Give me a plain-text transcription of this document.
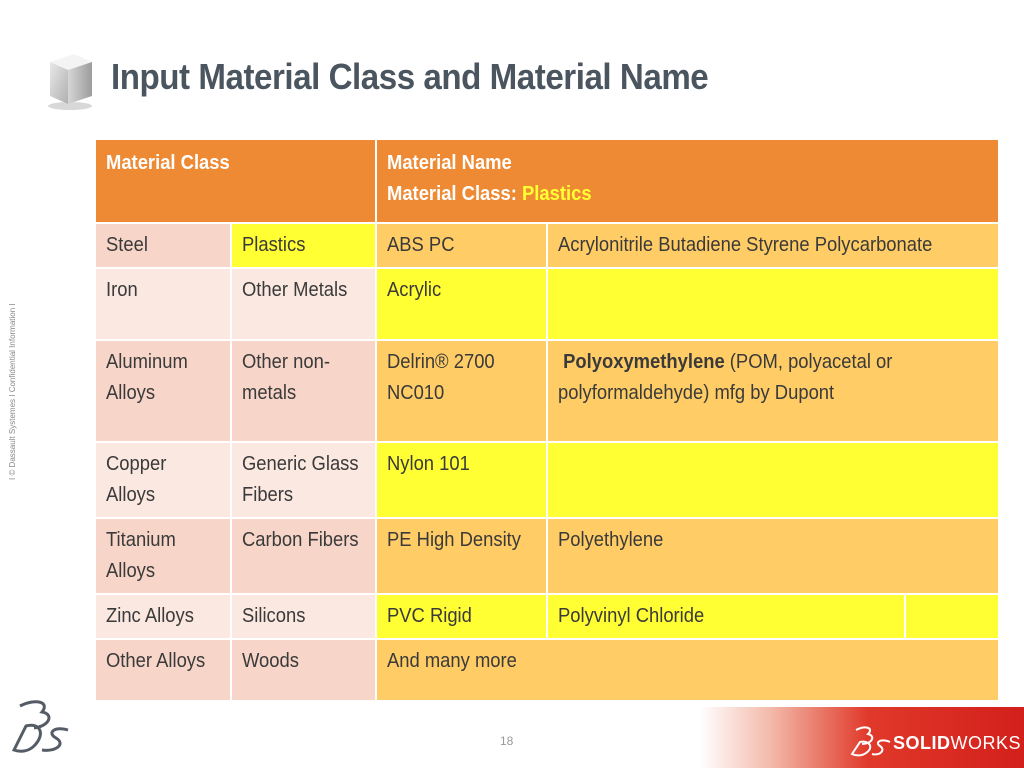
Input Material Class and Material Name
I © Dassault Systemes I Confidential Information I
Material Class		Material Name
Material Class: Plastics		
Steel	Plastics	ABS PC	Acrylonitrile Butadiene Styrene Polycarbonate	
Iron	Other Metals	Acrylic		
Aluminum Alloys	Other non-metals	Delrin® 2700 NC010	Polyoxymethylene (POM, polyacetal or polyformaldehyde) mfg by Dupont	
Copper Alloys	Generic Glass Fibers	Nylon 101		
Titanium Alloys	Carbon Fibers	PE High Density	Polyethylene	
Zinc Alloys	Silicons	PVC Rigid	Polyvinyl Chloride	
Other Alloys	Woods	And many more		
18	SOLIDWORKS
